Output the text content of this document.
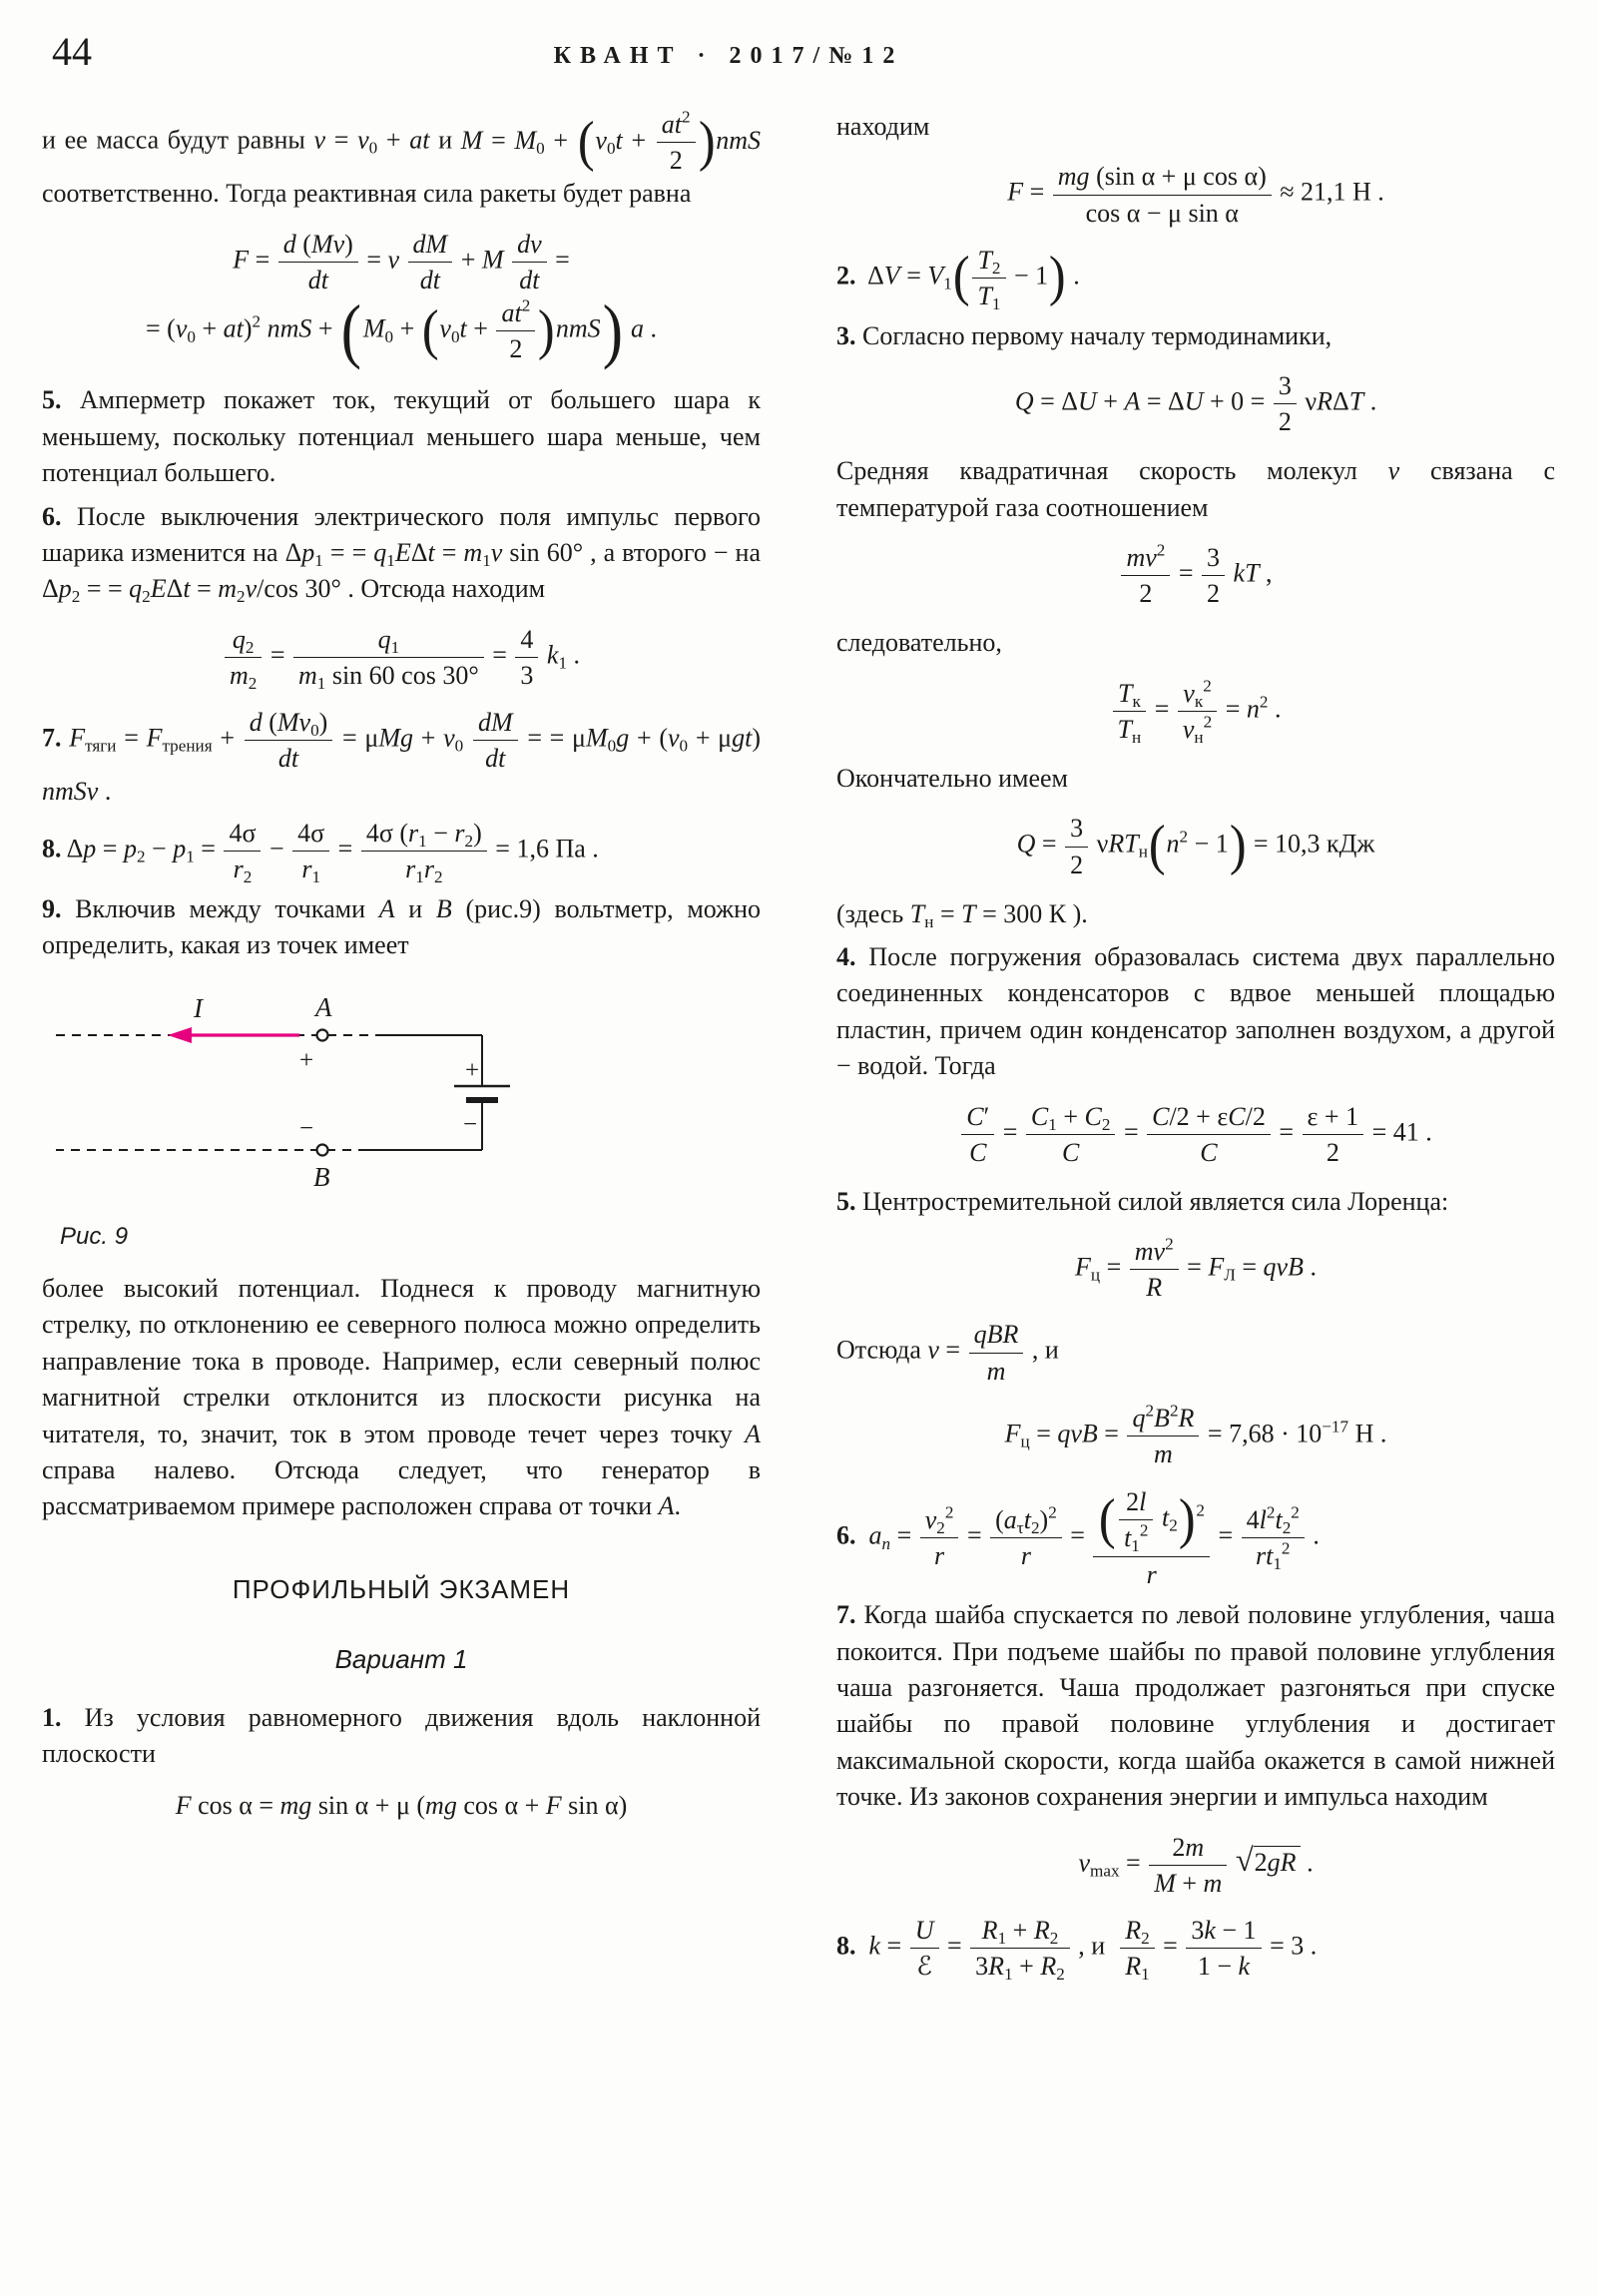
44	КВАНТ · 2017/№12
и ее масса будут равны $v = v_0$ + at и $M = M_0 + (v_0t + \frac{at^2}{2} )nmS$ соответственно. Тогда реактивная сила ракеты будет равна
$F = \frac{d (Mv)}{dt} = v \frac{dM}{dt} + M \frac{dv}{dt}$ =
= $(v_0 + at)^2$ nmS + $(M_0 + (v_0t + \frac{at^2}{2} )nmS)$ a .
5. Амперметр покажет ток, текущий от большего шара к меньшему, поскольку потенциал меньшего шара меньше, чем потенциал большего.
6. После выключения электрического поля импульс первого шарика изменится на $\Delta p_1$ = = $q_1E\Delta t = m_1v$ sin 60° , а второго − на $\Delta p_2$ = = $q_2E\Delta t = m_2v/\cos$ 30° . Отсюда находим
$\frac{q_2}{m_2} = \frac{q_1}{m_1 \sin 60 \cos 30^\circ} = \frac{4}{3} k_1$ .
7. $F_{тяги} = F_{трения} + \frac{d (Mv_0)}{dt} = \mu Mg + v_0 \frac{dM}{dt}$ = = $\mu M_0g + (v_0 + \mu gt)$ nmSv .
8. $\Delta p = p_2 - p_1 = \frac{4\sigma}{r_2} - \frac{4\sigma}{r_1} = \frac{4\sigma (r_1 - r_2)}{r_1r_2} = 1,6$ Па .
9. Включив между точками A и B (рис.9) вольтметр, можно определить, какая из точек имеет
I	A
+	+
−
−
B
Рис. 9
более высокий потенциал. Поднеся к проводу магнитную стрелку, по отклонению ее северного полюса можно определить направление тока в проводе. Например, если северный полюс магнитной стрелки отклонится из плоскости рисунка на читателя, то, значит, ток в этом проводе течет через точку A справа налево. Отсюда следует, что генератор в рассматриваемом примере расположен справа от точки A.
ПРОФИЛЬНЫЙ ЭКЗАМЕН
Вариант 1
1. Из условия равномерного движения вдоль наклонной плоскости
F cos α = mg sin α + μ (mg cos α + F sin α)
находим
$F = \frac{\text{mg (sin α + μ cos α)}}{\text{cos α − μ sin α}} \approx 21,1$ Н .
2.  $\Delta V = V_1( \frac{T_2}{T_1} - 1)$ .
3. Согласно первому началу термодинамики,
$Q = \Delta U + A = \Delta U + 0 = \frac{3}{2}$ νRΔT .
Средняя квадратичная скорость молекул v связана с температурой газа соотношением
$\frac{mv^2}{2} = \frac{3}{2}$ kT ,
следовательно,
$\frac{T_к}{T_н} = \frac{v_к^2}{v_н^2} = n^2$ .
Окончательно имеем
$Q = \frac{3}{2} \nu RT_н(n^2 - 1) = 10,3$ кДж
(здесь $T_н = T = 300$ К ).
4. После погружения образовалась система двух параллельно соединенных конденсаторов с вдвое меньшей площадью пластин, причем один конденсатор заполнен воздухом, а другой − водой. Тогда
$\frac{C'}{C} = \frac{C_1 + C_2}{C} = \frac{C/2 + \varepsilon C/2}{C} = \frac{\varepsilon + 1}{2} = 41$ .
5. Центростремительной силой является сила Лоренца:
$F_ц = \frac{mv^2}{R} = F_Л$ = qvB .
Отсюда $v = \frac{\text{qBR}}{m}$ , и
$F_ц$ = qvB = $\frac{q^2B^2R}{m} = 7,68 \cdot 10^{-17}$ Н .
6. $a_n = \frac{v_2^2}{r} = \frac{(a_\tau t_2)^2}{r} = \frac{( \frac{2l}{t_1^2} t_2)^2}{r} = \frac{4l^2t_2^2}{rt_1^2}$ .
7. Когда шайба спускается по левой половине углубления, чаша покоится. При подъеме шайбы по правой половине углубления чаша разгоняется. Чаша продолжает разгоняться при спуске шайбы по правой половине углубления и достигает максимальной скорости, когда шайба окажется в самой нижней точке. Из законов сохранения энергии и импульса находим
$v_{max} = \frac{2m}{M + m} √2gR$ .
8. $k = \frac{U}{\text{ℰ}} = \frac{R_1 + R_2}{3R_1 + R_2}$ , и $\frac{R_2}{R_1} = \frac{3k - 1}{1 - k} = 3$ .
